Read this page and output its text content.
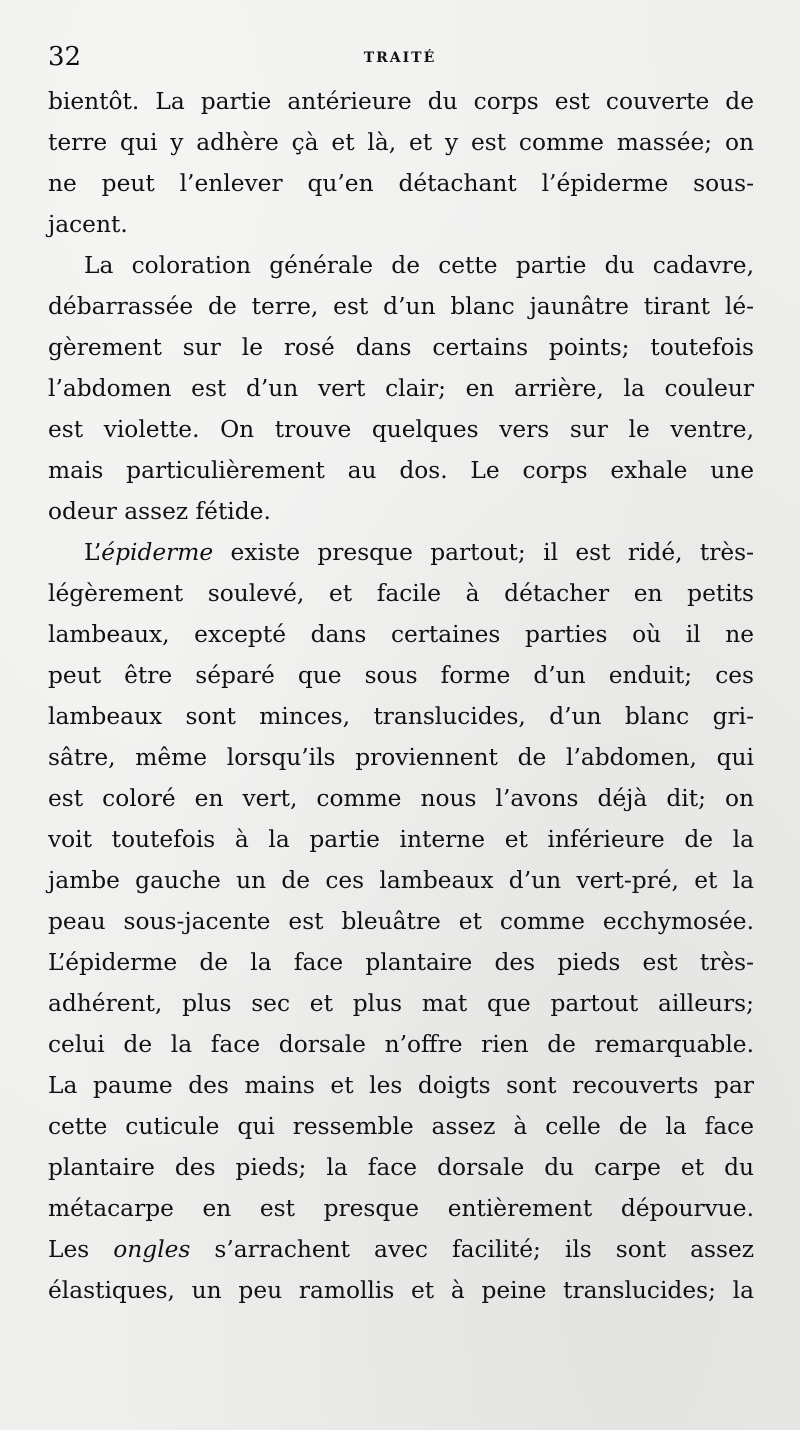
32	TRAITÉ
bientôt. La partie antérieure du corps est couverte de
terre qui y adhère çà et là, et y est comme massée; on
ne peut l’enlever qu’en détachant l’épiderme sous-
jacent.
La coloration générale de cette partie du cadavre,
débarrassée de terre, est d’un blanc jaunâtre tirant lé-
gèrement sur le rosé dans certains points; toutefois
l’abdomen est d’un vert clair; en arrière, la couleur
est violette. On trouve quelques vers sur le ventre,
mais particulièrement au dos. Le corps exhale une
odeur assez fétide.
L’épiderme existe presque partout; il est ridé, très-
légèrement soulevé, et facile à détacher en petits
lambeaux, excepté dans certaines parties où il ne
peut être séparé que sous forme d’un enduit; ces
lambeaux sont minces, translucides, d’un blanc gri-
sâtre, même lorsqu’ils proviennent de l’abdomen, qui
est coloré en vert, comme nous l’avons déjà dit; on
voit toutefois à la partie interne et inférieure de la
jambe gauche un de ces lambeaux d’un vert-pré, et la
peau sous-jacente est bleuâtre et comme ecchymosée.
L’épiderme de la face plantaire des pieds est très-
adhérent, plus sec et plus mat que partout ailleurs;
celui de la face dorsale n’offre rien de remarquable.
La paume des mains et les doigts sont recouverts par
cette cuticule qui ressemble assez à celle de la face
plantaire des pieds; la face dorsale du carpe et du
métacarpe en est presque entièrement dépourvue.
Les ongles s’arrachent avec facilité; ils sont assez
élastiques, un peu ramollis et à peine translucides; la
